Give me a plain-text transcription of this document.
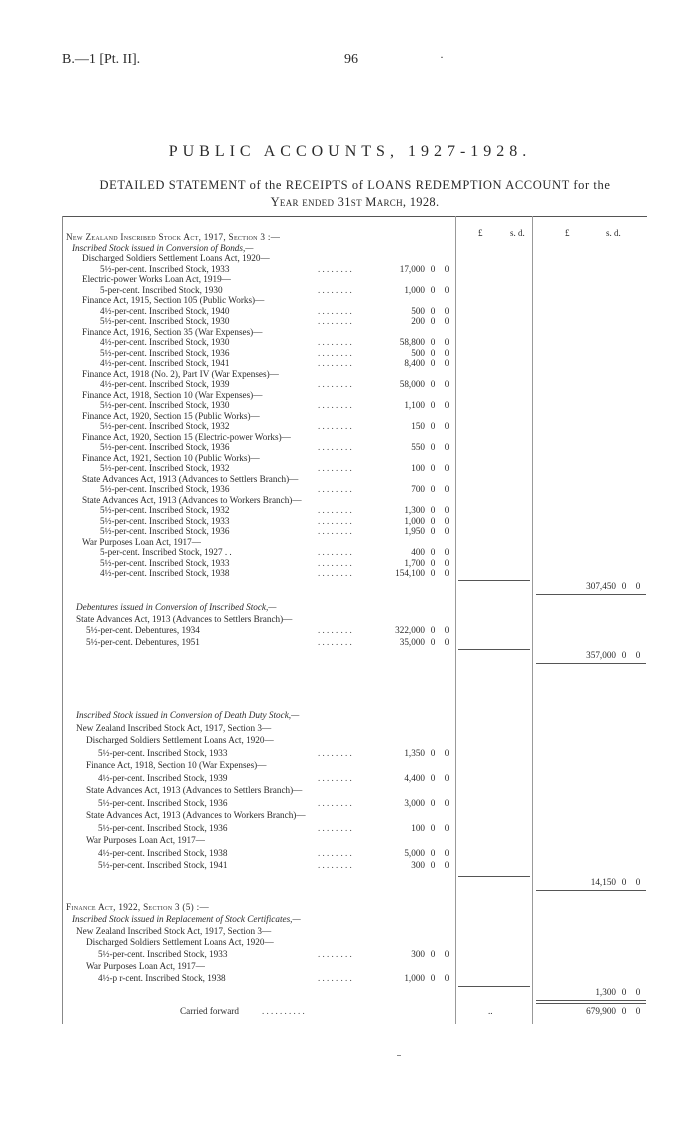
B.—1 [Pt. II].	96	·
PUBLIC ACCOUNTS, 1927-1928.
DETAILED STATEMENT of the RECEIPTS of LOANS REDEMPTION ACCOUNT for the
Year ended 31st March, 1928.
£	s. d.	£	s. d.
New Zealand Inscribed Stock Act, 1917, Section 3 :—
Inscribed Stock issued in Conversion of Bonds,—
Discharged Soldiers Settlement Loans Act, 1920—
5½-per-cent. Inscribed Stock, 1933	. . . . . . . .	17,000 0 0
Electric-power Works Loan Act, 1919—
5-per-cent. Inscribed Stock, 1930	. . . . . . . .	1,000 0 0
Finance Act, 1915, Section 105 (Public Works)—
4½-per-cent. Inscribed Stock, 1940	. . . . . . . .	500 0 0
5½-per-cent. Inscribed Stock, 1930	. . . . . . . .	200 0 0
Finance Act, 1916, Section 35 (War Expenses)—
4½-per-cent. Inscribed Stock, 1930	. . . . . . . .	58,800 0 0
5½-per-cent. Inscribed Stock, 1936	. . . . . . . .	500 0 0
4½-per-cent. Inscribed Stock, 1941	. . . . . . . .	8,400 0 0
Finance Act, 1918 (No. 2), Part IV (War Expenses)—
4½-per-cent. Inscribed Stock, 1939	. . . . . . . .	58,000 0 0
Finance Act, 1918, Section 10 (War Expenses)—
5½-per-cent. Inscribed Stock, 1930	. . . . . . . .	1,100 0 0
Finance Act, 1920, Section 15 (Public Works)—
5½-per-cent. Inscribed Stock, 1932	. . . . . . . .	150 0 0
Finance Act, 1920, Section 15 (Electric-power Works)—
5½-per-cent. Inscribed Stock, 1936	. . . . . . . .	550 0 0
Finance Act, 1921, Section 10 (Public Works)—
5½-per-cent. Inscribed Stock, 1932	. . . . . . . .	100 0 0
State Advances Act, 1913 (Advances to Settlers Branch)—
5½-per-cent. Inscribed Stock, 1936	. . . . . . . .	700 0 0
State Advances Act, 1913 (Advances to Workers Branch)—
5½-per-cent. Inscribed Stock, 1932	. . . . . . . .	1,300 0 0
5½-per-cent. Inscribed Stock, 1933	. . . . . . . .	1,000 0 0
5½-per-cent. Inscribed Stock, 1936	. . . . . . . .	1,950 0 0
War Purposes Loan Act, 1917—
5-per-cent. Inscribed Stock, 1927 . .	. . . . . . . .	400 0 0
5½-per-cent. Inscribed Stock, 1933	. . . . . . . .	1,700 0 0
4½-per-cent. Inscribed Stock, 1938	. . . . . . . .	154,100 0 0
307,450 0 0
Debentures issued in Conversion of Inscribed Stock,—
State Advances Act, 1913 (Advances to Settlers Branch)—
5½-per-cent. Debentures, 1934	. . . . . . . .	322,000 0 0
5½-per-cent. Debentures, 1951	. . . . . . . .	35,000 0 0
357,000 0 0
Inscribed Stock issued in Conversion of Death Duty Stock,—
New Zealand Inscribed Stock Act, 1917, Section 3—
Discharged Soldiers Settlement Loans Act, 1920—
5½-per-cent. Inscribed Stock, 1933	. . . . . . . .	1,350 0 0
Finance Act, 1918, Section 10 (War Expenses)—
4½-per-cent. Inscribed Stock, 1939	. . . . . . . .	4,400 0 0
State Advances Act, 1913 (Advances to Settlers Branch)—
5½-per-cent. Inscribed Stock, 1936	. . . . . . . .	3,000 0 0
State Advances Act, 1913 (Advances to Workers Branch)—
5½-per-cent. Inscribed Stock, 1936	. . . . . . . .	100 0 0
War Purposes Loan Act, 1917—
4½-per-cent. Inscribed Stock, 1938	. . . . . . . .	5,000 0 0
5½-per-cent. Inscribed Stock, 1941	. . . . . . . .	300 0 0
14,150 0 0
Finance Act, 1922, Section 3 (5) :—
Inscribed Stock issued in Replacement of Stock Certificates,—
New Zealand Inscribed Stock Act, 1917, Section 3—
Discharged Soldiers Settlement Loans Act, 1920—
5½-per-cent. Inscribed Stock, 1933	. . . . . . . .	300 0 0
War Purposes Loan Act, 1917—
4½-p r-cent. Inscribed Stock, 1938	. . . . . . . .	1,000 0 0
1,300 0 0
Carried forward	. . . . . . . . . .	..	679,900 0 0
